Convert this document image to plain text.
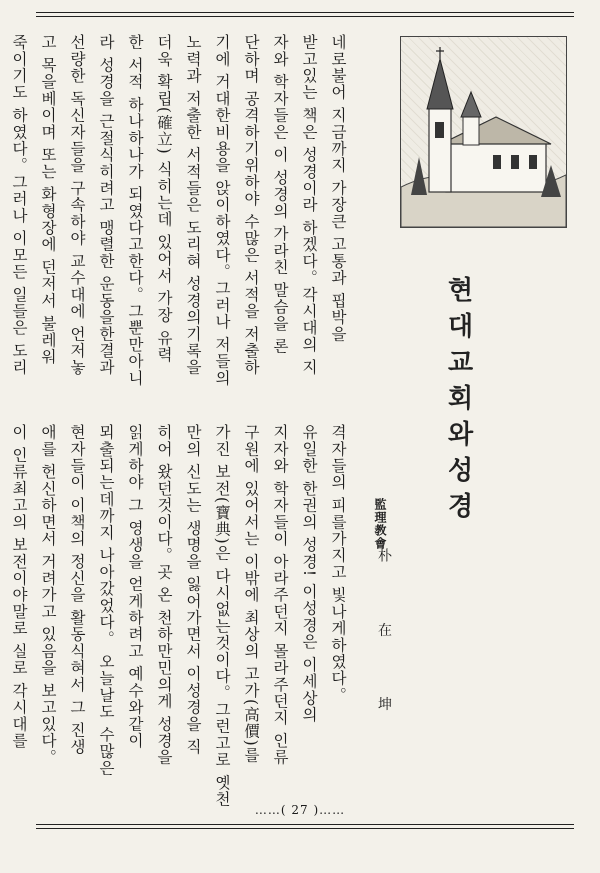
네로불어 지금까지 가장큰 고통과 핍박을
받고있는 책은 성경이라 하겠다。각시대의 지
자와 학자들은 이 성경의 가라친 말슴을 론
단하며 공격하기위하야 수많은 서적을 저출하
기에 거대한비용을 앉이하였다。그러나 저들의
노력과 저출한 서적들은 도리혀 성경의기록을
더욱 확립(確立) 식히는데 있어서 가장 유력
한 서적 하나하나가 되였다고한다。그뿐만아니
라 성경을 근절식히려고 맹렬한 운동을한결과
선량한 독신자들을 구속하야 교수대에 언저놓
고 목을베이며 또는 화형장에 던저서 불레워
죽이기도 하였다。그러나 이모든 일들은 도리
격자들의 피를가지고 빛나게하였다。
유일한 한권의 성경! 이성경은 이세상의
지자와 학자들이 아라주던지 몰라주던지 인류
구원에 있어서는 이밖에 최상의 고가(高價)를
가진 보전(寶典)은 다시없는것이다。그런고로 옛천
만의 신도는 생명을 잃어가면서 이성경을 직
히어 왔던것이다。곳 온 천하만민의게 성경을
읽게하야 그 영생을 얻게하려고 예수와같이
뫼출되는데까지 나아갔었다。 오늘날도 수많은
현자들이 이책의 정신을 활동식혀서 그 진생
애를 헌신하면서 거려가고 있음을 보고있다。
이 인류최고의 보전이야말로 실로 각시대를
현대교회와성경
監理教會
朴 在 坤
……( 27 )……
